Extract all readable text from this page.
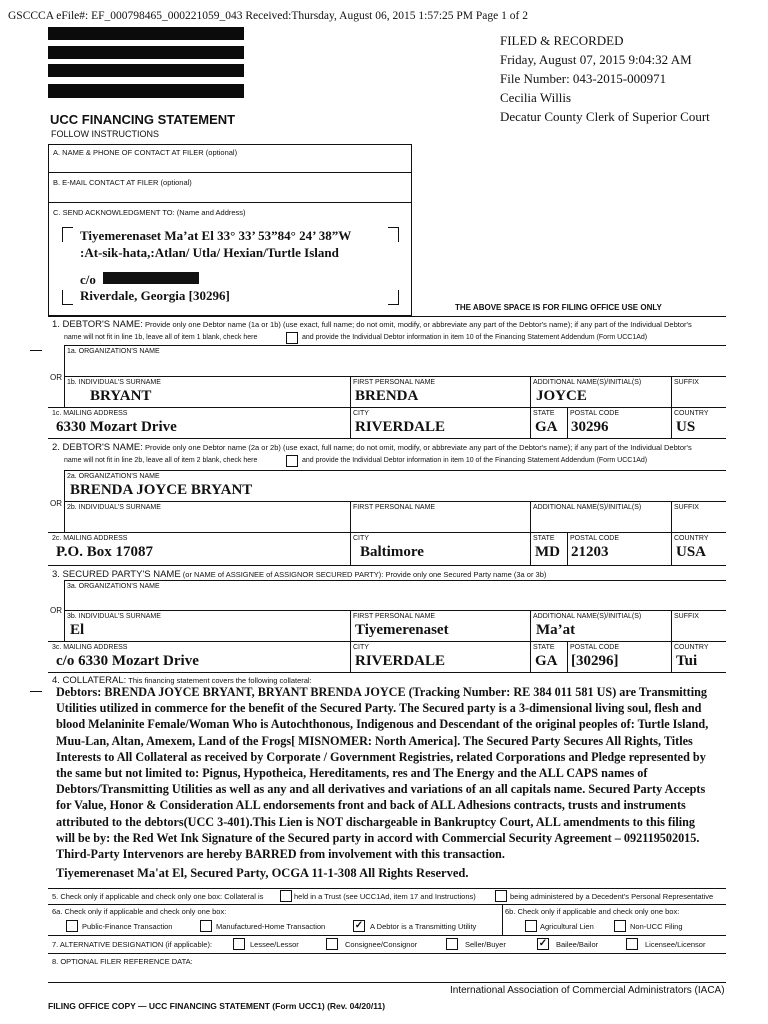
GSCCCA eFile#: EF_000798465_000221059_043 Received:Thursday, August 06, 2015 1:57:25 PM Page 1 of 2
FILED & RECORDED
Friday, August 07, 2015 9:04:32 AM
File Number: 043-2015-000971
Cecilia Willis
Decatur County Clerk of Superior Court
UCC FINANCING STATEMENT
FOLLOW INSTRUCTIONS
A. NAME & PHONE OF CONTACT AT FILER (optional)
B. E-MAIL CONTACT AT FILER (optional)
C. SEND ACKNOWLEDGMENT TO: (Name and Address)
Tiyemerenaset Ma’at El 33° 33’ 53”84° 24’ 38”W
:At-sik-hata,:Atlan/ Utla/ Hexian/Turtle Island
c/o
Riverdale, Georgia [30296]
THE ABOVE SPACE IS FOR FILING OFFICE USE ONLY
1. DEBTOR'S NAME: Provide only one Debtor name (1a or 1b) (use exact, full name; do not omit, modify, or abbreviate any part of the Debtor's name); if any part of the Individual Debtor's
name will not fit in line 1b, leave all of item 1 blank, check here	and provide the Individual Debtor information in item 10 of the Financing Statement Addendum (Form UCC1Ad)
1a. ORGANIZATION'S NAME
OR
1b. INDIVIDUAL'S SURNAME	FIRST PERSONAL NAME	ADDITIONAL NAME(S)/INITIAL(S)	SUFFIX
BRYANT	BRENDA	JOYCE
1c. MAILING ADDRESS	CITY	STATE POSTAL CODE	COUNTRY
6330 Mozart Drive	RIVERDALE	GA 30296	US
2. DEBTOR'S NAME: Provide only one Debtor name (2a or 2b) (use exact, full name; do not omit, modify, or abbreviate any part of the Debtor's name); if any part of the Individual Debtor's
name will not fit in line 2b, leave all of item 2 blank, check here	and provide the Individual Debtor information in item 10 of the Financing Statement Addendum (Form UCC1Ad)
2a. ORGANIZATION'S NAME
BRENDA JOYCE BRYANT
OR 2b. INDIVIDUAL'S SURNAME	FIRST PERSONAL NAME	ADDITIONAL NAME(S)/INITIAL(S)	SUFFIX
2c. MAILING ADDRESS	CITY	STATE POSTAL CODE	COUNTRY
P.O. Box 17087	Baltimore	MD 21203	USA
3. SECURED PARTY'S NAME (or NAME of ASSIGNEE of ASSIGNOR SECURED PARTY): Provide only one Secured Party name (3a or 3b)
3a. ORGANIZATION'S NAME
OR
3b. INDIVIDUAL'S SURNAME	FIRST PERSONAL NAME	ADDITIONAL NAME(S)/INITIAL(S)	SUFFIX
El	Tiyemerenaset	Ma’at
3c. MAILING ADDRESS	CITY	STATE POSTAL CODE	COUNTRY
c/o 6330 Mozart Drive	RIVERDALE	GA [30296]	Tui
4. COLLATERAL: This financing statement covers the following collateral:
Debtors: BRENDA JOYCE BRYANT, BRYANT BRENDA JOYCE (Tracking Number: RE 384 011 581 US) are Transmitting Utilities utilized in commerce for the benefit of the Secured Party. The Secured party is a 3-dimensional living soul, flesh and blood Melaninite Female/Woman Who is Autochthonous, Indigenous and Descendant of the original peoples of: Turtle Island, Muu-Lan, Altan, Amexem, Land of the Frogs[ MISNOMER: North America]. The Secured Party Secures All Rights, Titles Interests to All Collateral as received by Corporate / Government Registries, related Corporations and Pledge represented by the same but not limited to: Pignus, Hypotheica, Hereditaments, res and The Energy and the ALL CAPS names of Debtors/Transmitting Utilities as well as any and all derivatives and variations of an all capitals name. Secured Party Accepts for Value, Honor & Consideration ALL endorsements front and back of ALL Adhesions contracts, trusts and instruments attributed to the debtors(UCC 3-401).This Lien is NOT dischargeable in Bankruptcy Court, ALL amendments to this filing will be by: the Red Wet Ink Signature of the Secured party in accord with Commercial Security Agreement – 092119502015. Third-Party Intervenors are hereby BARRED from involvement with this transaction.
Tiyemerenaset Ma'at El, Secured Party, OCGA 11-1-308 All Rights Reserved.
5. Check only if applicable and check only one box: Collateral is	held in a Trust (see UCC1Ad, item 17 and Instructions)	being administered by a Decedent's Personal Representative
6a. Check only if applicable and check only one box:	6b. Check only if applicable and check only one box:
Public-Finance Transaction	Manufactured-Home Transaction	✓ A Debtor is a Transmitting Utility	Agricultural Lien	Non-UCC Filing
7. ALTERNATIVE DESIGNATION (if applicable):	Lessee/Lessor	Consignee/Consignor	Seller/Buyer	✓ Bailee/Bailor	Licensee/Licensor
8. OPTIONAL FILER REFERENCE DATA:
FILING OFFICE COPY — UCC FINANCING STATEMENT (Form UCC1) (Rev. 04/20/11)
International Association of Commercial Administrators (IACA)
